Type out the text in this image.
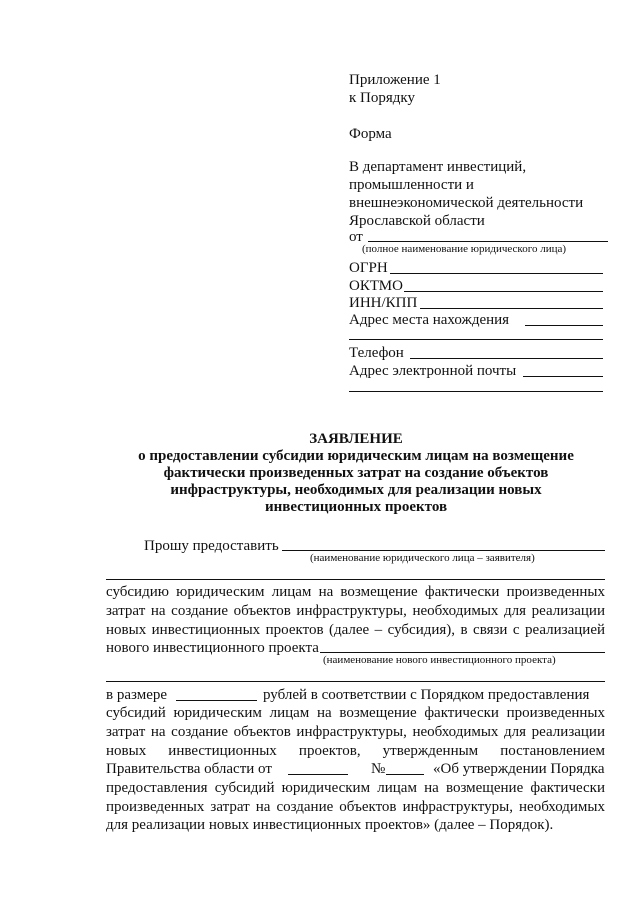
Приложение 1
к Порядку
Форма
В департамент инвестиций,
промышленности и
внешнеэкономической деятельности
Ярославской области
от
(полное наименование юридического лица)
ОГРН
ОКТМО
ИНН/КПП
Адрес места нахождения
Телефон
Адрес электронной почты
ЗАЯВЛЕНИЕ
о предоставлении субсидии юридическим лицам на возмещение
фактически произведенных затрат на создание объектов
инфраструктуры, необходимых для реализации новых
инвестиционных проектов
Прошу предоставить
(наименование юридического лица – заявителя)
субсидию юридическим лицам на возмещение фактически произведенных
затрат на создание объектов инфраструктуры, необходимых для реализации
новых инвестиционных проектов (далее – субсидия), в связи с реализацией
нового инвестиционного проекта
(наименование нового инвестиционного проекта)
в размере	рублей в соответствии с Порядком предоставления
субсидий юридическим лицам на возмещение фактически произведенных
затрат на создание объектов инфраструктуры, необходимых для реализации
новых инвестиционных проектов, утвержденным постановлением
Правительства области от	№	«Об утверждении Порядка
предоставления субсидий юридическим лицам на возмещение фактически
произведенных затрат на создание объектов инфраструктуры, необходимых
для реализации новых инвестиционных проектов» (далее – Порядок).
